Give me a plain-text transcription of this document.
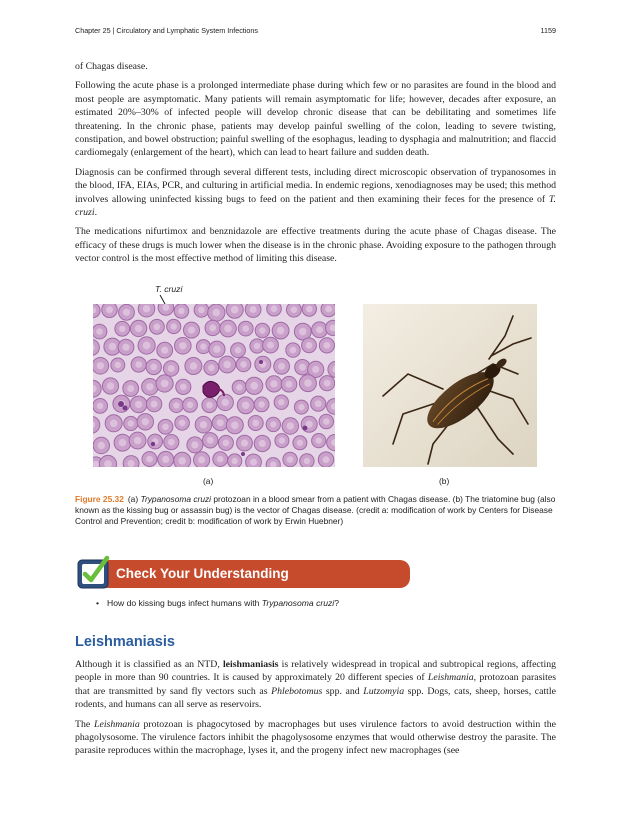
Chapter 25 | Circulatory and Lymphatic System Infections	1159

of Chagas disease.

Following the acute phase is a prolonged intermediate phase during which few or no parasites are found in the blood and most people are asymptomatic. Many patients will remain asymptomatic for life; however, decades after exposure, an estimated 20%–30% of infected people will develop chronic disease that can be debilitating and sometimes life threatening. In the chronic phase, patients may develop painful swelling of the colon, leading to severe twisting, constipation, and bowel obstruction; painful swelling of the esophagus, leading to dysphagia and malnutrition; and flaccid cardiomegaly (enlargement of the heart), which can lead to heart failure and sudden death.

Diagnosis can be confirmed through several different tests, including direct microscopic observation of trypanosomes in the blood, IFA, EIAs, PCR, and culturing in artificial media. In endemic regions, xenodiagnoses may be used; this method involves allowing uninfected kissing bugs to feed on the patient and then examining their feces for the presence of T. cruzi.

The medications nifurtimox and benznidazole are effective treatments during the acute phase of Chagas disease. The efficacy of these drugs is much lower when the disease is in the chronic phase. Avoiding exposure to the pathogen through vector control is the most effective method of limiting this disease.

T. cruzi
(a)	(b)
Figure 25.32 (a) Trypanosoma cruzi protozoan in a blood smear from a patient with Chagas disease. (b) The triatomine bug (also known as the kissing bug or assassin bug) is the vector of Chagas disease. (credit a: modification of work by Centers for Disease Control and Prevention; credit b: modification of work by Erwin Huebner)
Check Your Understanding
• How do kissing bugs infect humans with Trypanosoma cruzi?
Leishmaniasis

Although it is classified as an NTD, leishmaniasis is relatively widespread in tropical and subtropical regions, affecting people in more than 90 countries. It is caused by approximately 20 different species of Leishmania, protozoan parasites that are transmitted by sand fly vectors such as Phlebotomus spp. and Lutzomyia spp. Dogs, cats, sheep, horses, cattle rodents, and humans can all serve as reservoirs.

The Leishmania protozoan is phagocytosed by macrophages but uses virulence factors to avoid destruction within the phagolysosome. The virulence factors inhibit the phagolysosome enzymes that would otherwise destroy the parasite. The parasite reproduces within the macrophage, lyses it, and the progeny infect new macrophages (see
